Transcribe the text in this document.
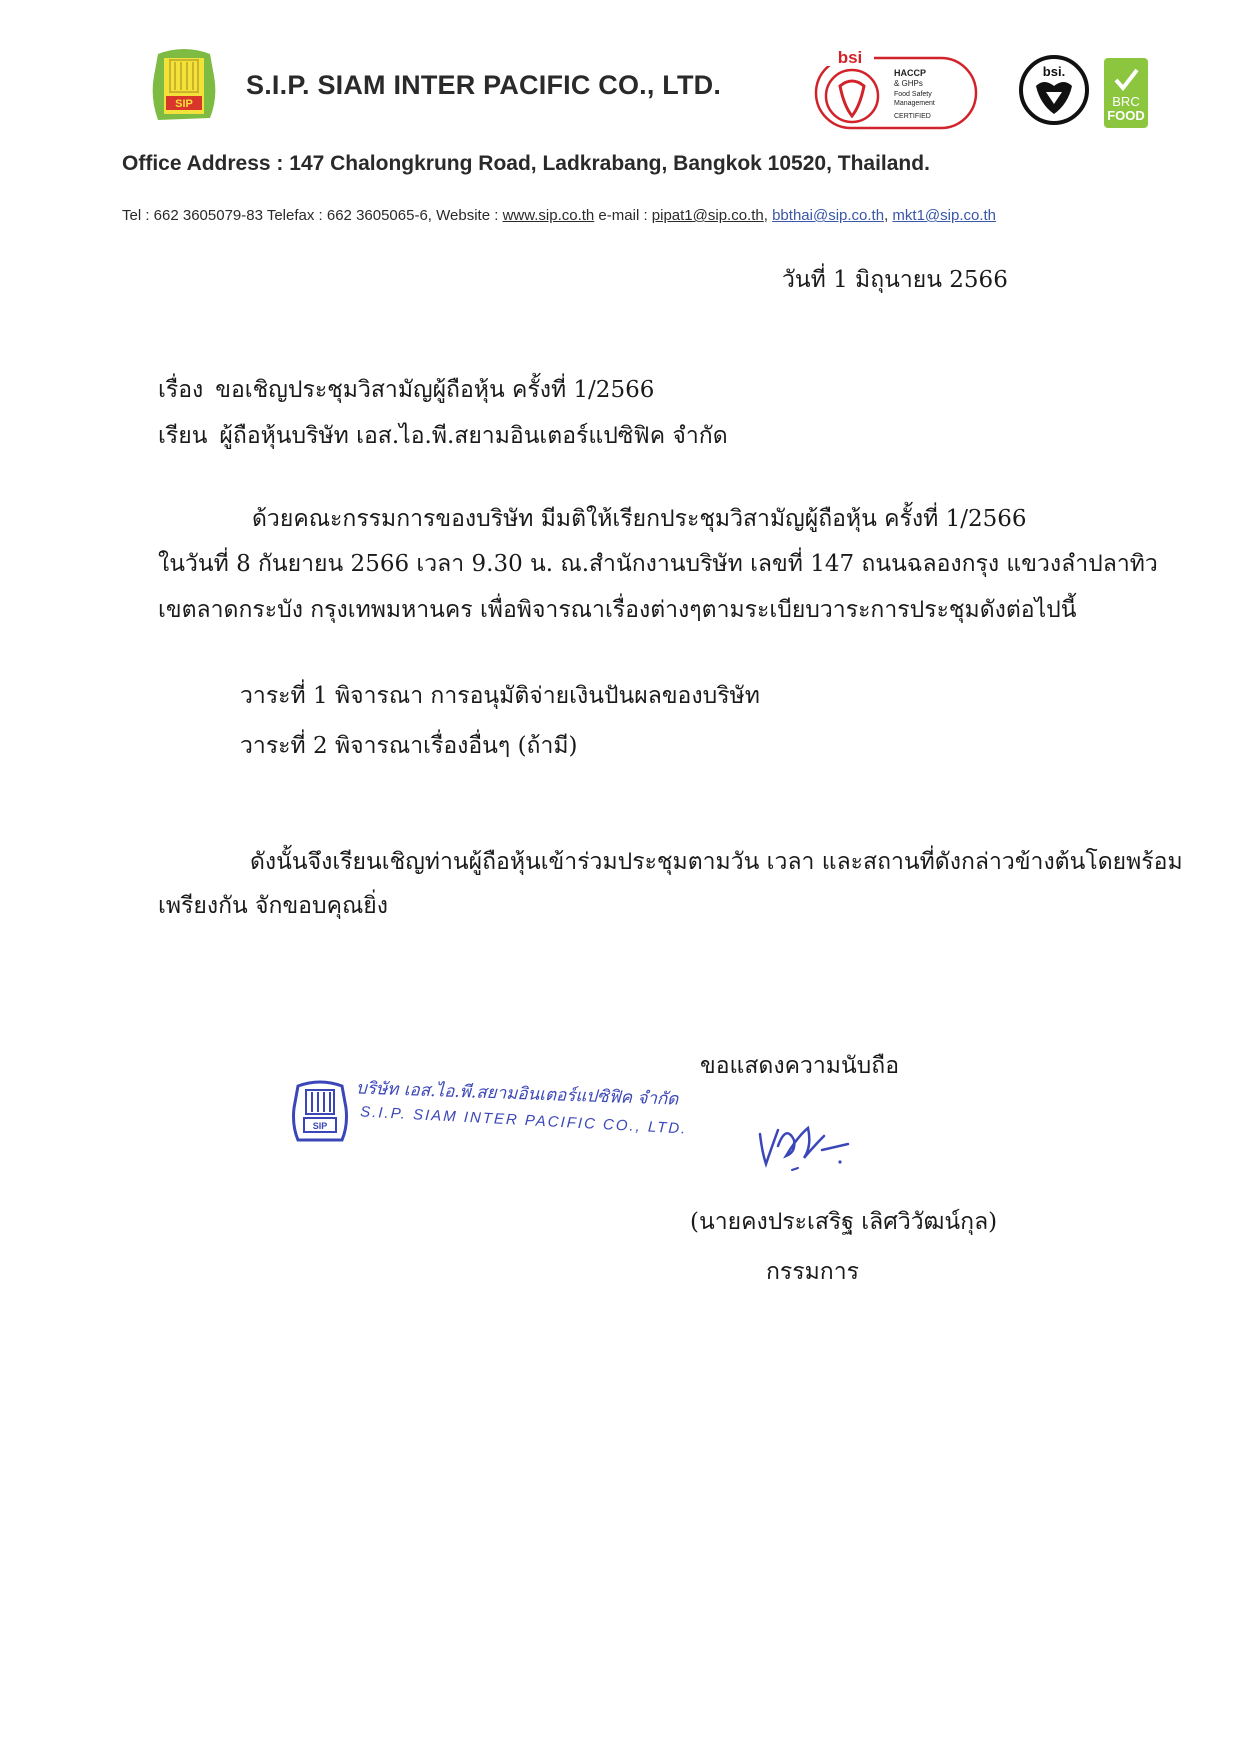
SIP
S.I.P. SIAM INTER PACIFIC CO., LTD.
bsi
HACCP
& GHPs
Food Safety
Management
CERTIFIED
bsi.
BRC
FOOD
Office Address : 147 Chalongkrung Road, Ladkrabang, Bangkok 10520, Thailand.
Tel : 662 3605079-83 Telefax : 662 3605065-6, Website : www.sip.co.th e-mail : pipat1@sip.co.th, bbthai@sip.co.th, mkt1@sip.co.th
วันที่ 1 มิถุนายน 2566
เรื่อง ขอเชิญประชุมวิสามัญผู้ถือหุ้น ครั้งที่ 1/2566
เรียน ผู้ถือหุ้นบริษัท เอส.ไอ.พี.สยามอินเตอร์แปซิฟิค จำกัด
ด้วยคณะกรรมการของบริษัท มีมติให้เรียกประชุมวิสามัญผู้ถือหุ้น ครั้งที่ 1/2566
ในวันที่ 8 กันยายน 2566 เวลา 9.30 น. ณ.สำนักงานบริษัท เลขที่ 147 ถนนฉลองกรุง แขวงลำปลาทิว
เขตลาดกระบัง กรุงเทพมหานคร เพื่อพิจารณาเรื่องต่างๆตามระเบียบวาระการประชุมดังต่อไปนี้
วาระที่ 1 พิจารณา การอนุมัติจ่ายเงินปันผลของบริษัท
วาระที่ 2 พิจารณาเรื่องอื่นๆ (ถ้ามี)
ดังนั้นจึงเรียนเชิญท่านผู้ถือหุ้นเข้าร่วมประชุมตามวัน เวลา และสถานที่ดังกล่าวข้างต้นโดยพร้อม
เพรียงกัน จักขอบคุณยิ่ง
ขอแสดงความนับถือ
SIP
บริษัท เอส.ไอ.พี.สยามอินเตอร์แปซิฟิค จำกัด
S.I.P. SIAM INTER PACIFIC CO., LTD.
(นายคงประเสริฐ เลิศวิวัฒน์กุล)
กรรมการ
